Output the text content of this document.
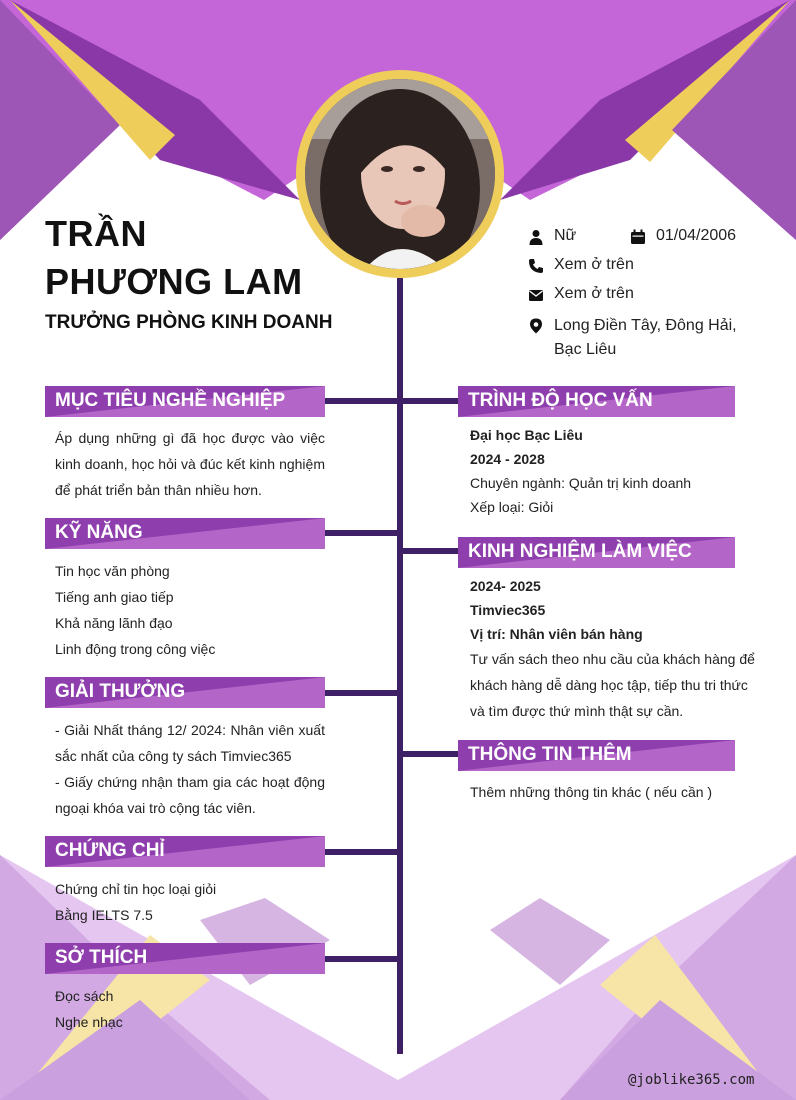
TRẦN
PHƯƠNG LAM
TRƯỞNG PHÒNG KINH DOANH
Nữ	01/04/2006
Xem ở trên
Xem ở trên
Long Điền Tây, Đông Hải, Bạc Liêu
MỤC TIÊU NGHỀ NGHIỆP
Áp dụng những gì đã học được vào việc kinh doanh, học hỏi và đúc kết kinh nghiệm để phát triển bản thân nhiều hơn.
KỸ NĂNG
Tin học văn phòng
Tiếng anh giao tiếp
Khả năng lãnh đạo
Linh động trong công việc
GIẢI THƯỞNG
- Giải Nhất tháng 12/ 2024: Nhân viên xuất sắc nhất của công ty sách Timviec365
- Giấy chứng nhận tham gia các hoạt động ngoại khóa vai trò cộng tác viên.
CHỨNG CHỈ
Chứng chỉ tin học loại giỏi
Bằng IELTS 7.5
SỞ THÍCH
Đọc sách
Nghe nhạc
TRÌNH ĐỘ HỌC VẤN
Đại học Bạc Liêu
2024 - 2028
Chuyên ngành: Quản trị kinh doanh
Xếp loại: Giỏi
KINH NGHIỆM LÀM VIỆC
2024- 2025
Timviec365
Vị trí: Nhân viên bán hàng
Tư vấn sách theo nhu cầu của khách hàng để khách hàng dễ dàng học tập, tiếp thu tri thức và tìm được thứ mình thật sự cần.
THÔNG TIN THÊM
Thêm những thông tin khác ( nếu cần )
@joblike365.com
